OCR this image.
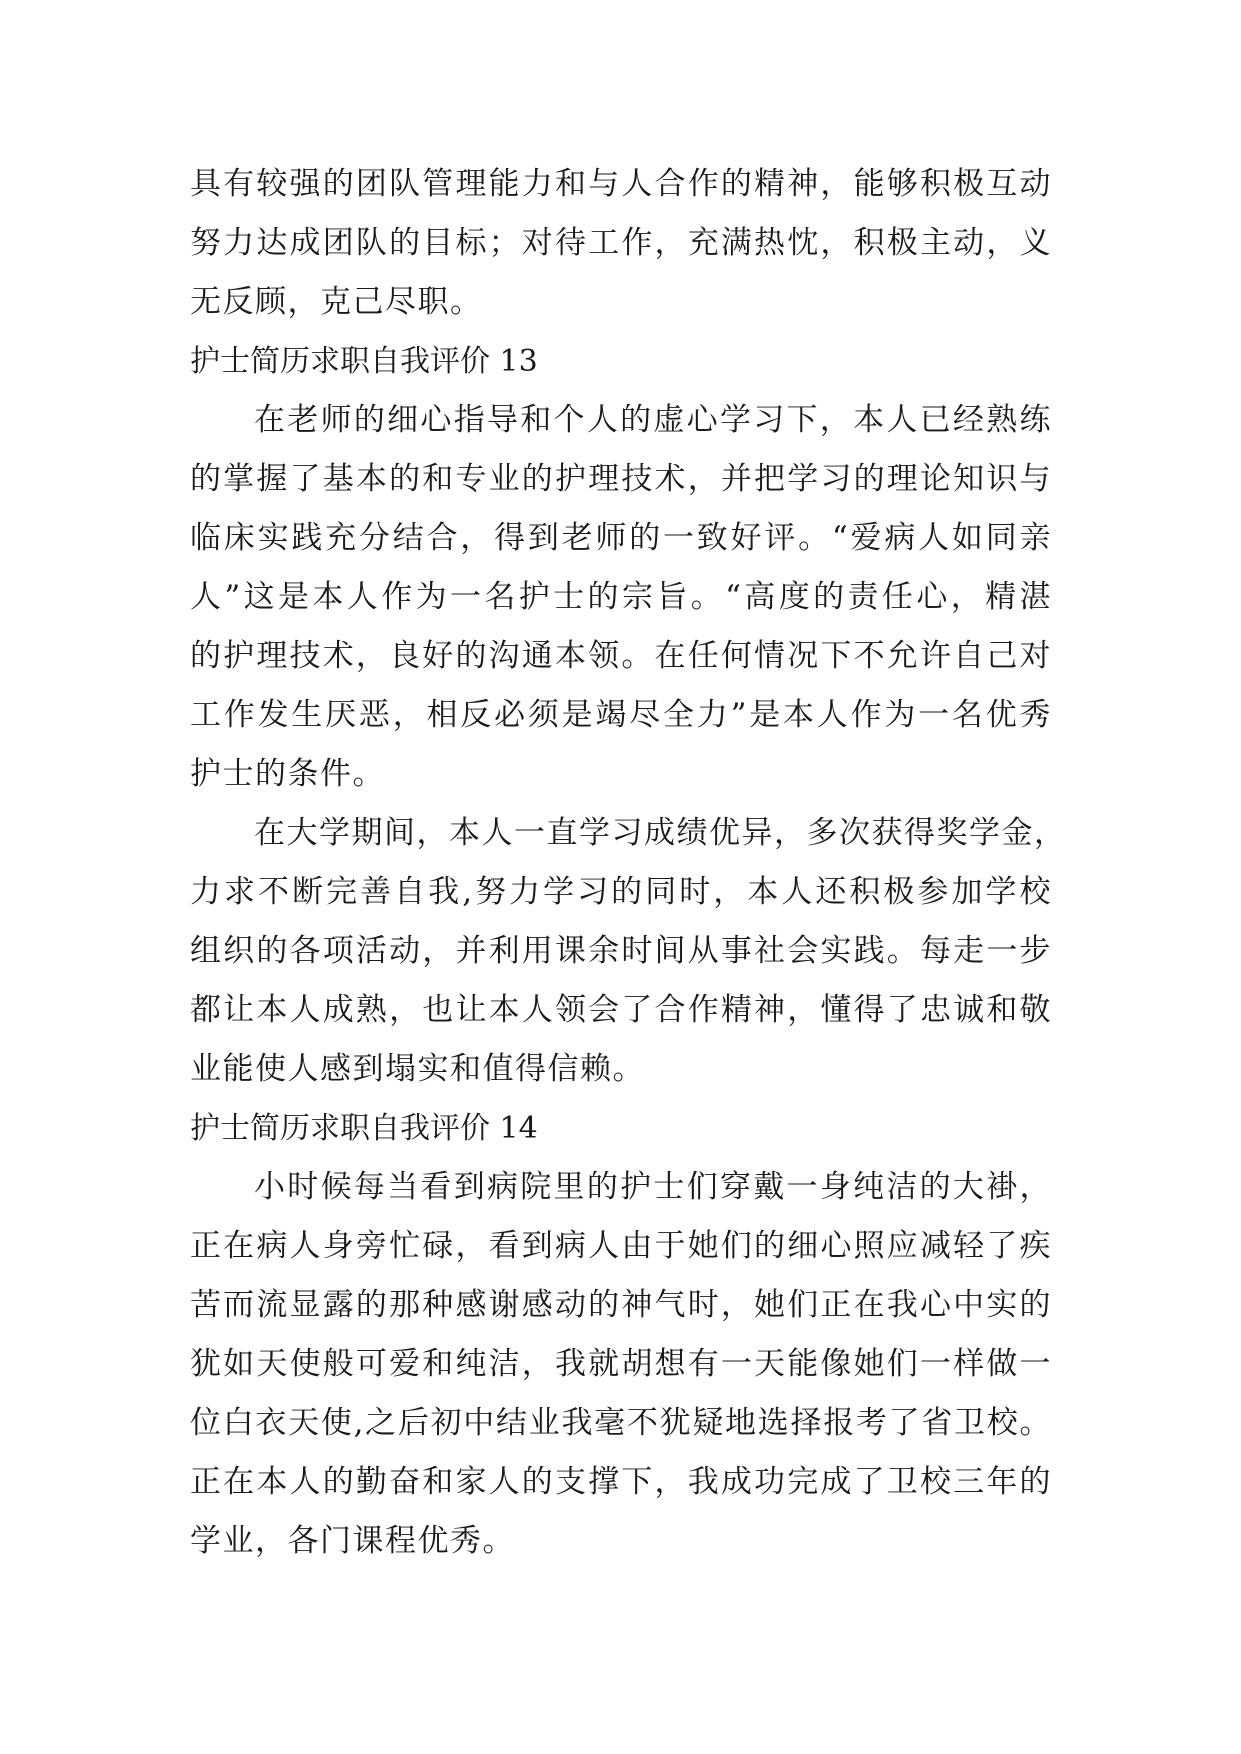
具有较强的团队管理能力和与人合作的精神，能够积极互动
努力达成团队的目标；对待工作，充满热忱，积极主动，义
无反顾，克己尽职。
护士简历求职自我评价 13
在老师的细心指导和个人的虚心学习下，本人已经熟练
的掌握了基本的和专业的护理技术，并把学习的理论知识与
临床实践充分结合，得到老师的一致好评。“爱病人如同亲
人”这是本人作为一名护士的宗旨。“高度的责任心，精湛
的护理技术，良好的沟通本领。在任何情况下不允许自己对
工作发生厌恶，相反必须是竭尽全力”是本人作为一名优秀
护士的条件。
在大学期间，本人一直学习成绩优异，多次获得奖学金，
力求不断完善自我,努力学习的同时，本人还积极参加学校
组织的各项活动，并利用课余时间从事社会实践。每走一步
都让本人成熟，也让本人领会了合作精神，懂得了忠诚和敬
业能使人感到塌实和值得信赖。
护士简历求职自我评价 14
小时候每当看到病院里的护士们穿戴一身纯洁的大褂，
正在病人身旁忙碌，看到病人由于她们的细心照应减轻了疾
苦而流显露的那种感谢感动的神气时，她们正在我心中实的
犹如天使般可爱和纯洁，我就胡想有一天能像她们一样做一
位白衣天使,之后初中结业我毫不犹疑地选择报考了省卫校。
正在本人的勤奋和家人的支撑下，我成功完成了卫校三年的
学业，各门课程优秀。
